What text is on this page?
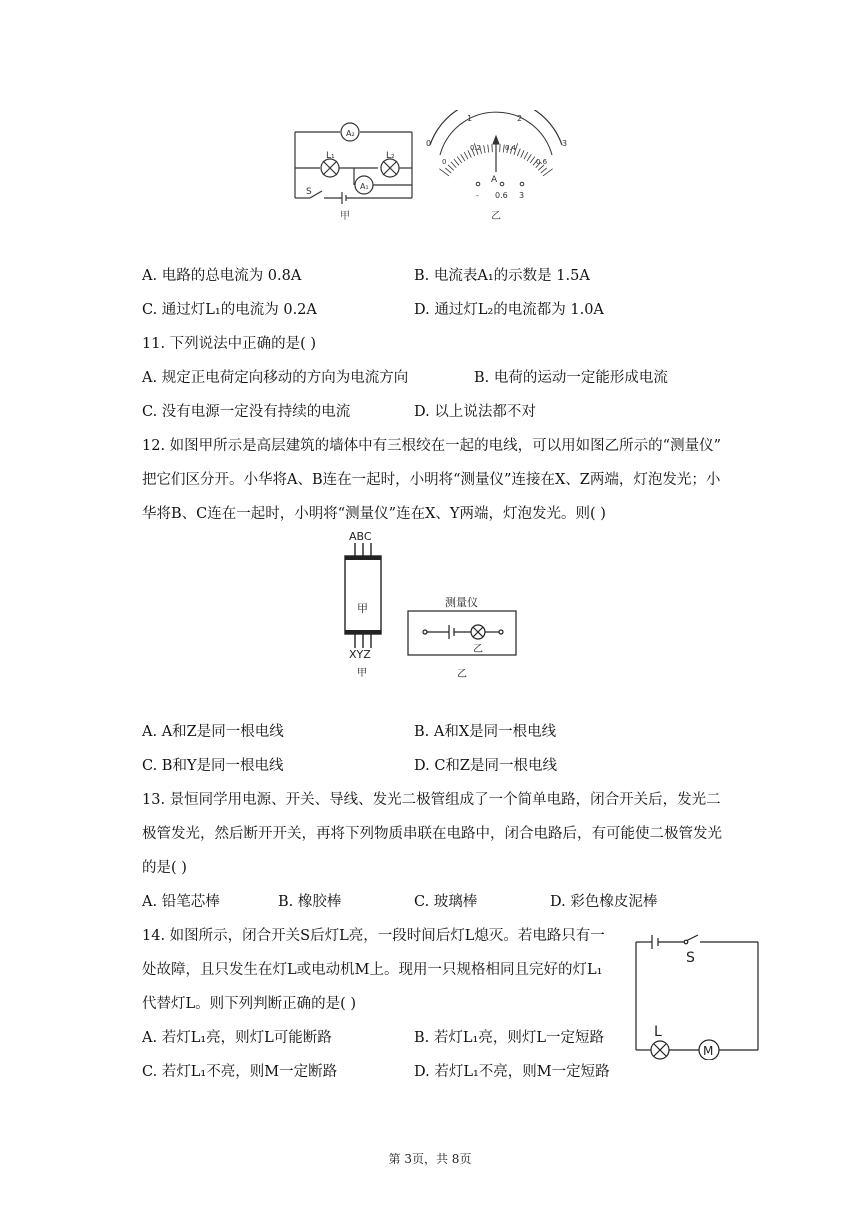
A₂
L₁	L₂
A₁
S
甲
0
1	2
3
0
0.2	0.4
0.6
A
- 0.6 3
乙
A. 电路的总电流为 0.8A	B. 电流表A₁的示数是 1.5A
C. 通过灯L₁的电流为 0.2A	D. 通过灯L₂的电流都为 1.0A
11. 下列说法中正确的是( )
A. 规定正电荷定向移动的方向为电流方向	B. 电荷的运动一定能形成电流
C. 没有电源一定没有持续的电流	D. 以上说法都不对
12. 如图甲所示是高层建筑的墙体中有三根绞在一起的电线，可以用如图乙所示的“测量仪”
把它们区分开。小华将A、B连在一起时，小明将“测量仪”连接在X、Z两端，灯泡发光；小
华将B、C连在一起时，小明将“测量仪”连在X、Y两端，灯泡发光。则( )
ABC
甲
XYZ
甲
测量仪
乙
乙
A. A和Z是同一根电线	B. A和X是同一根电线
C. B和Y是同一根电线	D. C和Z是同一根电线
13. 景恒同学用电源、开关、导线、发光二极管组成了一个简单电路，闭合开关后，发光二
极管发光，然后断开开关，再将下列物质串联在电路中，闭合电路后，有可能使二极管发光
的是( )
A. 铅笔芯棒	B. 橡胶棒	C. 玻璃棒	D. 彩色橡皮泥棒
14. 如图所示，闭合开关S后灯L亮，一段时间后灯L熄灭。若电路只有一
处故障，且只发生在灯L或电动机M上。现用一只规格相同且完好的灯L₁
代替灯L。则下列判断正确的是( )
A. 若灯L₁亮，则灯L可能断路	B. 若灯L₁亮，则灯L一定短路
C. 若灯L₁不亮，则M一定断路	D. 若灯L₁不亮，则M一定短路
S
L
M
第 3页，共 8页
